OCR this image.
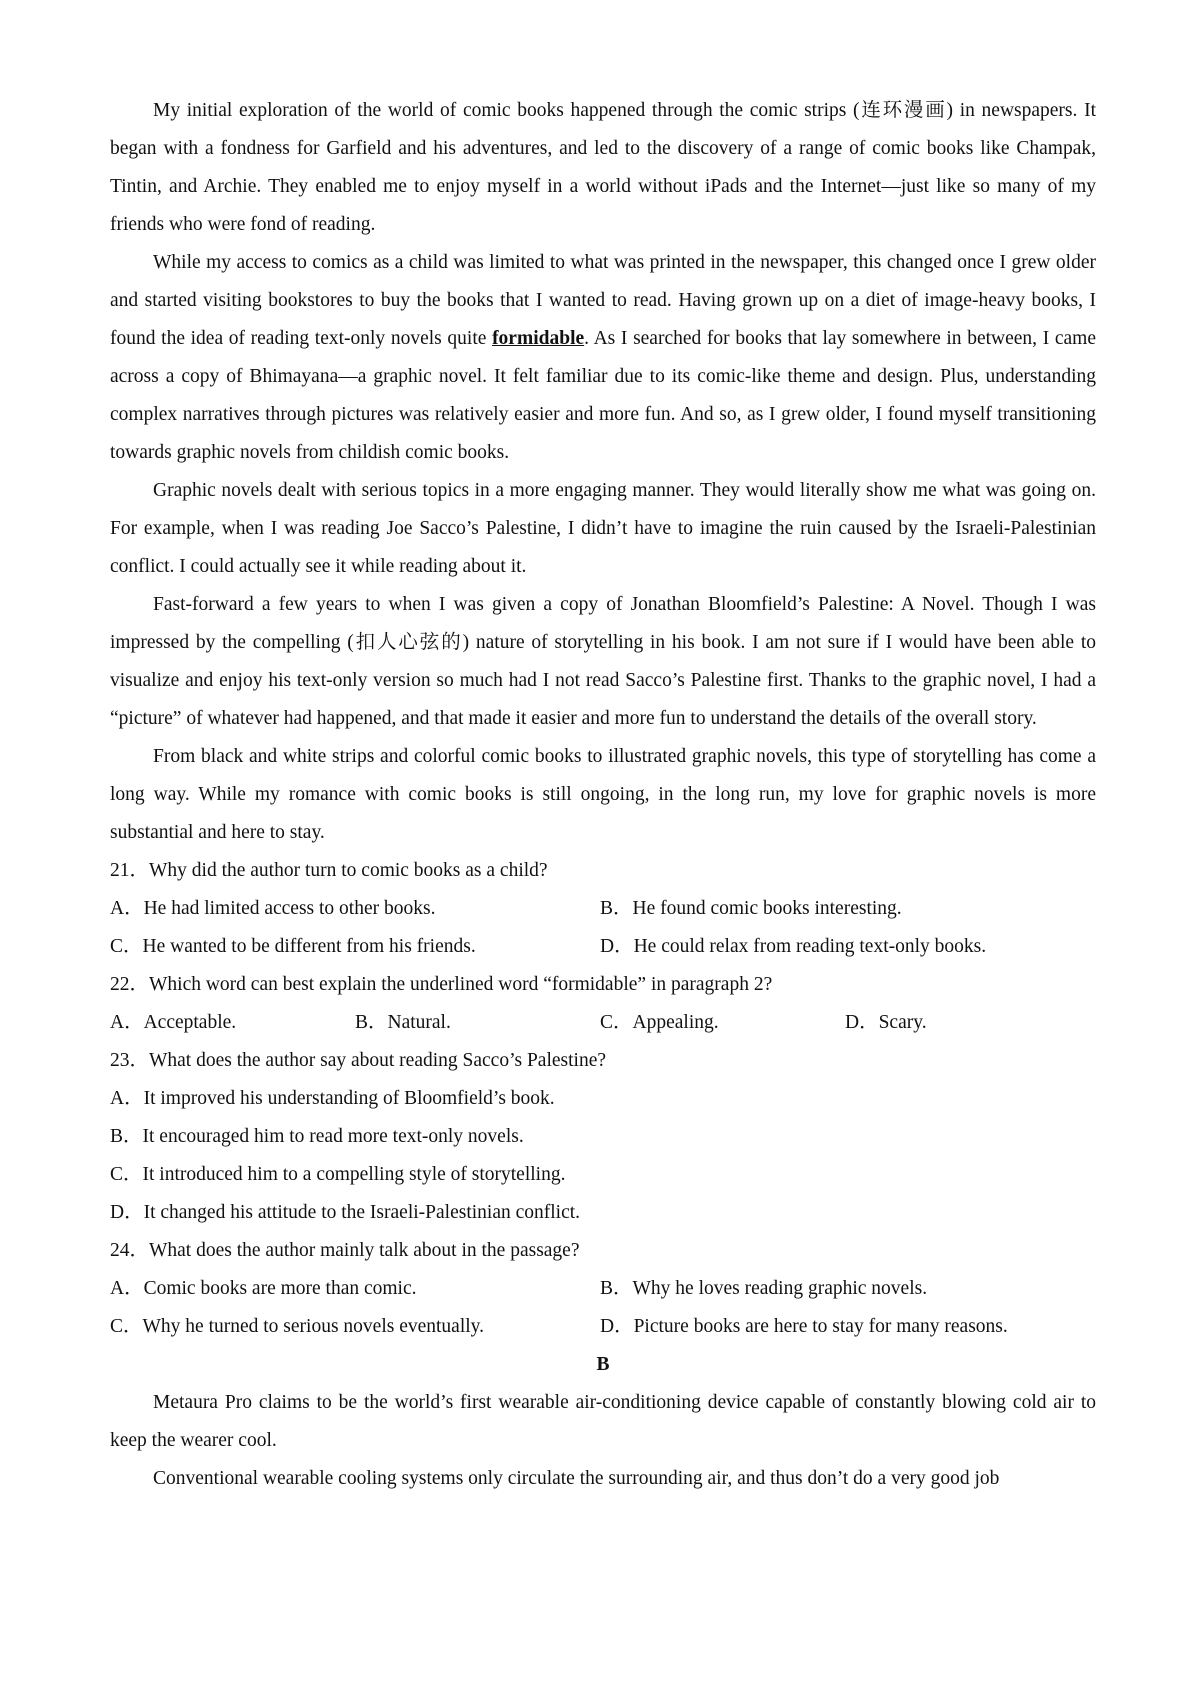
My initial exploration of the world of comic books happened through the comic strips (连环漫画) in newspapers. It began with a fondness for Garfield and his adventures, and led to the discovery of a range of comic books like Champak, Tintin, and Archie. They enabled me to enjoy myself in a world without iPads and the Internet—just like so many of my friends who were fond of reading.

While my access to comics as a child was limited to what was printed in the newspaper, this changed once I grew older and started visiting bookstores to buy the books that I wanted to read. Having grown up on a diet of image-heavy books, I found the idea of reading text-only novels quite formidable. As I searched for books that lay somewhere in between, I came across a copy of Bhimayana—a graphic novel. It felt familiar due to its comic-like theme and design. Plus, understanding complex narratives through pictures was relatively easier and more fun. And so, as I grew older, I found myself transitioning towards graphic novels from childish comic books.

Graphic novels dealt with serious topics in a more engaging manner. They would literally show me what was going on. For example, when I was reading Joe Sacco’s Palestine, I didn’t have to imagine the ruin caused by the Israeli-Palestinian conflict. I could actually see it while reading about it.

Fast-forward a few years to when I was given a copy of Jonathan Bloomfield’s Palestine: A Novel. Though I was impressed by the compelling (扣人心弦的) nature of storytelling in his book. I am not sure if I would have been able to visualize and enjoy his text-only version so much had I not read Sacco’s Palestine first. Thanks to the graphic novel, I had a “picture” of whatever had happened, and that made it easier and more fun to understand the details of the overall story.

From black and white strips and colorful comic books to illustrated graphic novels, this type of storytelling has come a long way. While my romance with comic books is still ongoing, in the long run, my love for graphic novels is more substantial and here to stay.

21．Why did the author turn to comic books as a child?

A．He had limited access to other books.	B．He found comic books interesting.
C．He wanted to be different from his friends.	D．He could relax from reading text-only books.

22．Which word can best explain the underlined word “formidable” in paragraph 2?

A．Acceptable.	B．Natural.	C．Appealing.	D．Scary.

23．What does the author say about reading Sacco’s Palestine?

A．It improved his understanding of Bloomfield’s book.

B．It encouraged him to read more text-only novels.

C．It introduced him to a compelling style of storytelling.

D．It changed his attitude to the Israeli-Palestinian conflict.

24．What does the author mainly talk about in the passage?

A．Comic books are more than comic.	B．Why he loves reading graphic novels.
C．Why he turned to serious novels eventually.	D．Picture books are here to stay for many reasons.

B

Metaura Pro claims to be the world’s first wearable air-conditioning device capable of constantly blowing cold air to keep the wearer cool.

Conventional wearable cooling systems only circulate the surrounding air, and thus don’t do a very good job
